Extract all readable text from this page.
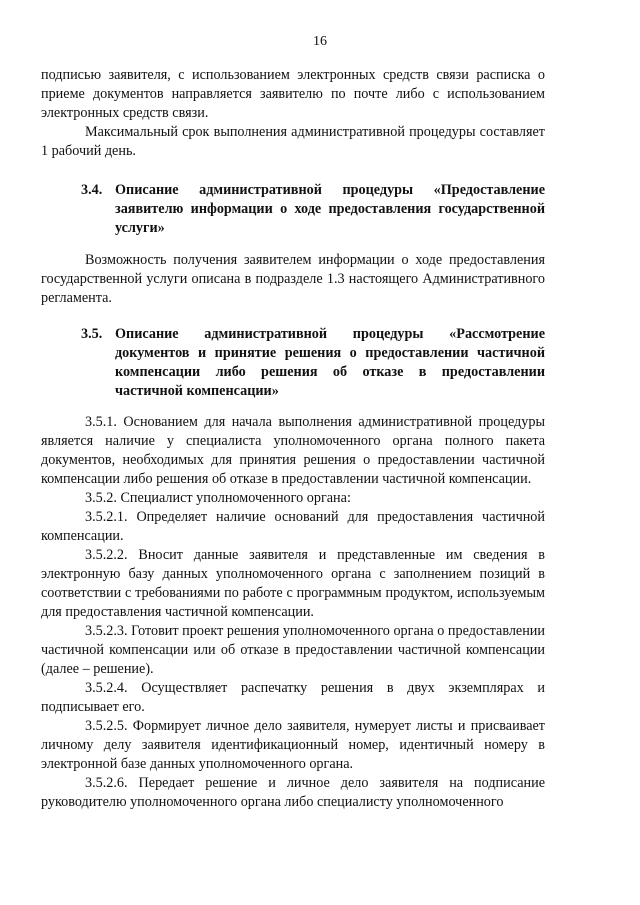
16

подписью заявителя, с использованием электронных средств связи расписка о приеме документов направляется заявителю по почте либо с использованием электронных средств связи.

Максимальный срок выполнения административной процедуры составляет 1 рабочий день.

3.4. Описание административной процедуры «Предоставление заявителю информации о ходе предоставления государственной услуги»

Возможность получения заявителем информации о ходе предоставления государственной услуги описана в подразделе 1.3 настоящего Административного регламента.

3.5. Описание административной процедуры «Рассмотрение документов и принятие решения о предоставлении частичной компенсации либо решения об отказе в предоставлении частичной компенсации»

3.5.1. Основанием для начала выполнения административной процедуры является наличие у специалиста уполномоченного органа полного пакета документов, необходимых для принятия решения о предоставлении частичной компенсации либо решения об отказе в предоставлении частичной компенсации.

3.5.2. Специалист уполномоченного органа:

3.5.2.1. Определяет наличие оснований для предоставления частичной компенсации.

3.5.2.2. Вносит данные заявителя и представленные им сведения в электронную базу данных уполномоченного органа с заполнением позиций в соответствии с требованиями по работе с программным продуктом, используемым для предоставления частичной компенсации.

3.5.2.3. Готовит проект решения уполномоченного органа о предоставлении частичной компенсации или об отказе в предоставлении частичной компенсации (далее – решение).

3.5.2.4. Осуществляет распечатку решения в двух экземплярах и подписывает его.

3.5.2.5. Формирует личное дело заявителя, нумерует листы и присваивает личному делу заявителя идентификационный номер, идентичный номеру в электронной базе данных уполномоченного органа.

3.5.2.6. Передает решение и личное дело заявителя на подписание руководителю уполномоченного органа либо специалисту уполномоченного
